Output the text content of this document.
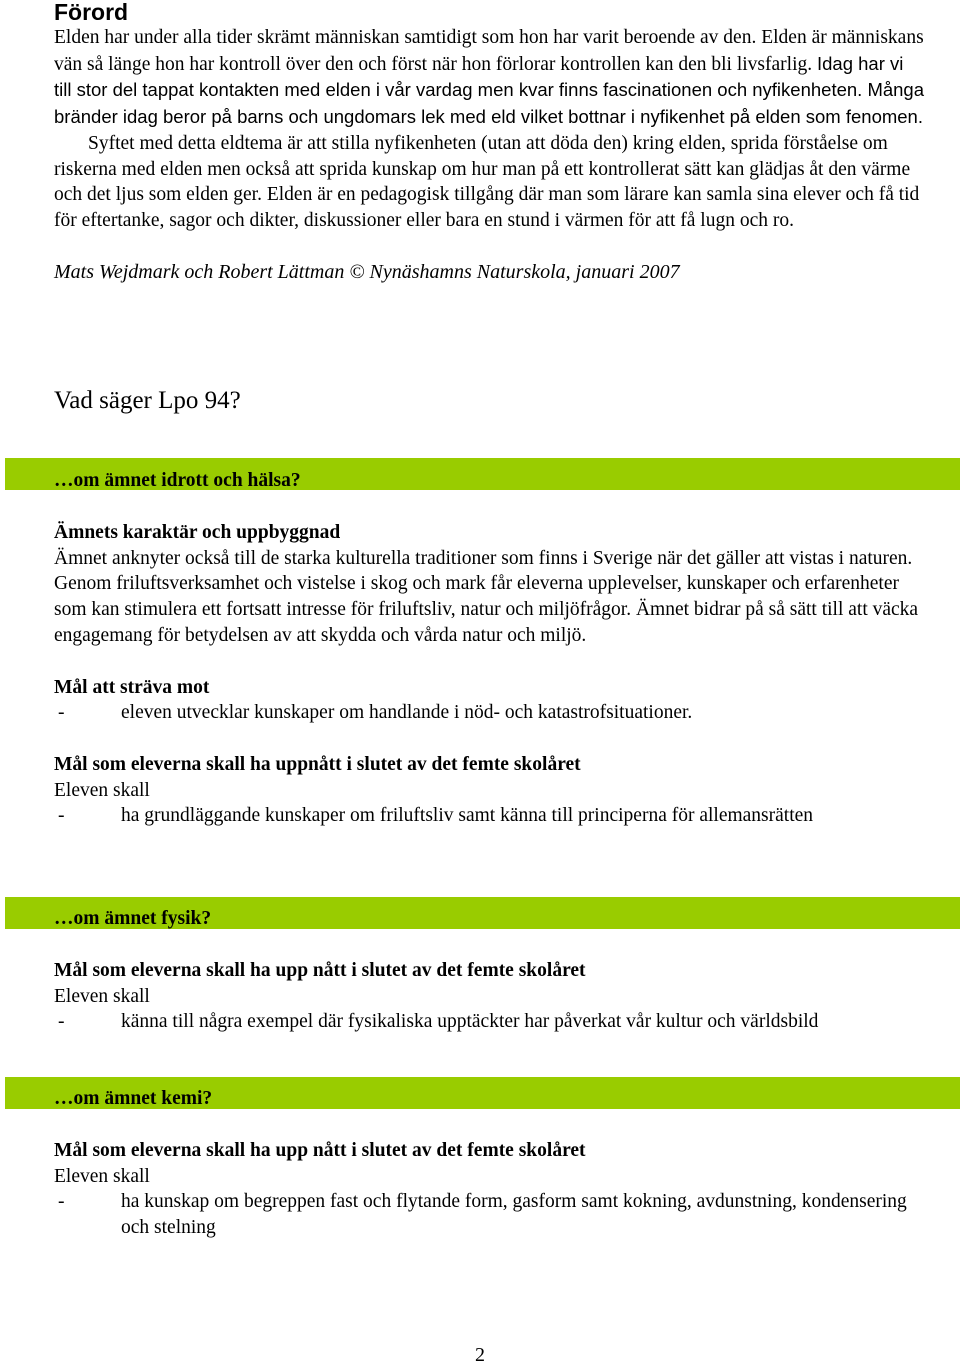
Förord

Elden har under alla tider skrämt människan samtidigt som hon har varit beroende av den. Elden är människans vän så länge hon har kontroll över den och först när hon förlorar kontrollen kan den bli livsfarlig. Idag har vi till stor del tappat kontakten med elden i vår vardag men kvar finns fascinationen och nyfikenheten. Många bränder idag beror på barns och ungdomars lek med eld vilket bottnar i nyfikenhet på elden som fenomen.

Syftet med detta eldtema är att stilla nyfikenheten (utan att döda den) kring elden, sprida förståelse om riskerna med elden men också att sprida kunskap om hur man på ett kontrollerat sätt kan glädjas åt den värme och det ljus som elden ger. Elden är en pedagogisk tillgång där man som lärare kan samla sina elever och få tid för eftertanke, sagor och dikter, diskussioner eller bara en stund i värmen för att få lugn och ro.

Mats Wejdmark och Robert Lättman © Nynäshamns Naturskola, januari 2007

Vad säger Lpo 94?
…om ämnet idrott och hälsa?

Ämnets karaktär och uppbyggnad

Ämnet anknyter också till de starka kulturella traditioner som finns i Sverige när det gäller att vistas i naturen. Genom friluftsverksamhet och vistelse i skog och mark får eleverna upplevelser, kunskaper och erfarenheter som kan stimulera ett fortsatt intresse för friluftsliv, natur och miljöfrågor. Ämnet bidrar på så sätt till att väcka engagemang för betydelsen av att skydda och vårda natur och miljö.

Mål att sträva mot

-	eleven utvecklar kunskaper om handlande i nöd- och katastrofsituationer.

Mål som eleverna skall ha uppnått i slutet av det femte skolåret

Eleven skall

-	ha grundläggande kunskaper om friluftsliv samt känna till principerna för allemansrätten
…om ämnet fysik?

Mål som eleverna skall ha upp nått i slutet av det femte skolåret

Eleven skall

-	känna till några exempel där fysikaliska upptäckter har påverkat vår kultur och världsbild
…om ämnet kemi?

Mål som eleverna skall ha upp nått i slutet av det femte skolåret

Eleven skall

-	ha kunskap om begreppen fast och flytande form, gasform samt kokning, avdunstning, kondensering och stelning
2
